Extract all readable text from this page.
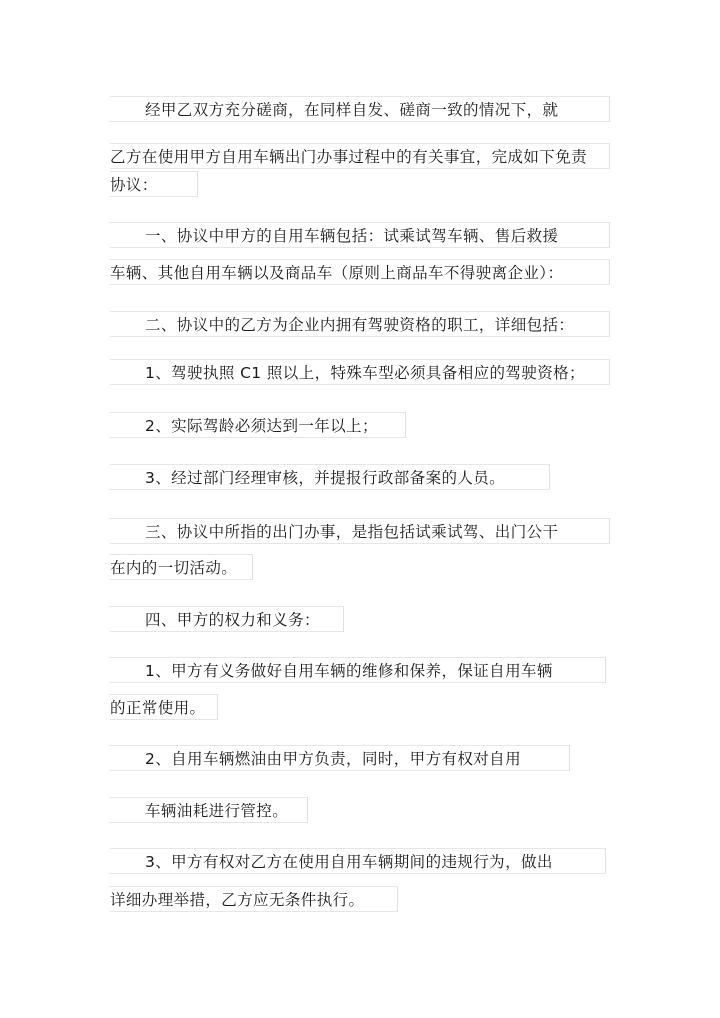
经甲乙双方充分磋商，在同样自发、磋商一致的情况下，就
乙方在使用甲方自用车辆出门办事过程中的有关事宜，完成如下免责
协议：
一、协议中甲方的自用车辆包括：试乘试驾车辆、售后救援
车辆、其他自用车辆以及商品车（原则上商品车不得驶离企业）：
二、协议中的乙方为企业内拥有驾驶资格的职工，详细包括：
1、驾驶执照 C1 照以上，特殊车型必须具备相应的驾驶资格；
2、实际驾龄必须达到一年以上；
3、经过部门经理审核，并提报行政部备案的人员。
三、协议中所指的出门办事，是指包括试乘试驾、出门公干
在内的一切活动。
四、甲方的权力和义务：
1、甲方有义务做好自用车辆的维修和保养，保证自用车辆
的正常使用。
2、自用车辆燃油由甲方负责，同时，甲方有权对自用
车辆油耗进行管控。
3、甲方有权对乙方在使用自用车辆期间的违规行为，做出
详细办理举措，乙方应无条件执行。
